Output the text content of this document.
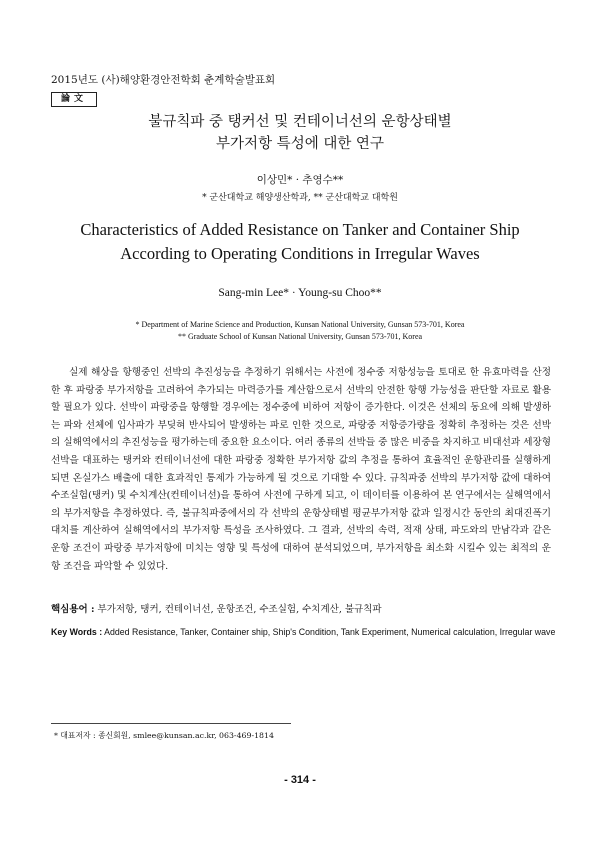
2015년도 (사)해양환경안전학회 춘계학술발표회
論文
불규칙파 중 탱커선 및 컨테이너선의 운항상태별
부가저항 특성에 대한 연구
이상민* · 추영수**
* 군산대학교 해양생산학과, ** 군산대학교 대학원
Characteristics of Added Resistance on Tanker and Container Ship
According to Operating Conditions in Irregular Waves
Sang-min Lee* · Young-su Choo**
* Department of Marine Science and Production, Kunsan National University, Gunsan 573-701, Korea
** Graduate School of Kunsan National University, Gunsan 573-701, Korea

실제 해상을 항행중인 선박의 추진성능을 추정하기 위해서는 사전에 정수중 저항성능을 토대로 한 유효마력을 산정한 후 파랑중 부가저항을 고려하여 추가되는 마력증가를 계산함으로서 선박의 안전한 항행 가능성을 판단할 자료로 활용할 필요가 있다. 선박이 파랑중을 항행할 경우에는 정수중에 비하여 저항이 증가한다. 이것은 선체의 동요에 의해 발생하는 파와 선체에 입사파가 부딪혀 반사되어 발생하는 파로 인한 것으로, 파랑중 저항증가량을 정확히 추정하는 것은 선박의 실해역에서의 추진성능을 평가하는데 중요한 요소이다. 여러 종류의 선박들 중 많은 비중을 차지하고 비대선과 세장형 선박을 대표하는 탱커와 컨테이너선에 대한 파랑중 정확한 부가저항 값의 추정을 통하여 효율적인 운항관리를 실행하게 되면 온실가스 배출에 대한 효과적인 통제가 가능하게 될 것으로 기대할 수 있다. 규칙파중 선박의 부가저항 값에 대하여 수조실험(탱커) 및 수치계산(컨테이너선)을 통하여 사전에 구하게 되고, 이 데이터를 이용하여 본 연구에서는 실해역에서의 부가저항을 추정하였다. 즉, 불규칙파중에서의 각 선박의 운항상태별 평균부가저항 값과 일정시간 동안의 최대진폭기대치를 계산하여 실해역에서의 부가저항 특성을 조사하였다. 그 결과, 선박의 속력, 적재 상태, 파도와의 만남각과 같은 운항 조건이 파랑중 부가저항에 미치는 영향 및 특성에 대하여 분석되었으며, 부가저항을 최소화 시킬수 있는 최적의 운항 조건을 파악할 수 있었다.

핵심용어 : 부가저항, 탱커, 컨테이너선, 운항조건, 수조실험, 수치계산, 불규칙파
Key Words : Added Resistance, Tanker, Container ship, Ship's Condition, Tank Experiment, Numerical calculation, Irregular wave
* 대표저자 : 종신회원, smlee@kunsan.ac.kr, 063-469-1814
- 314 -
